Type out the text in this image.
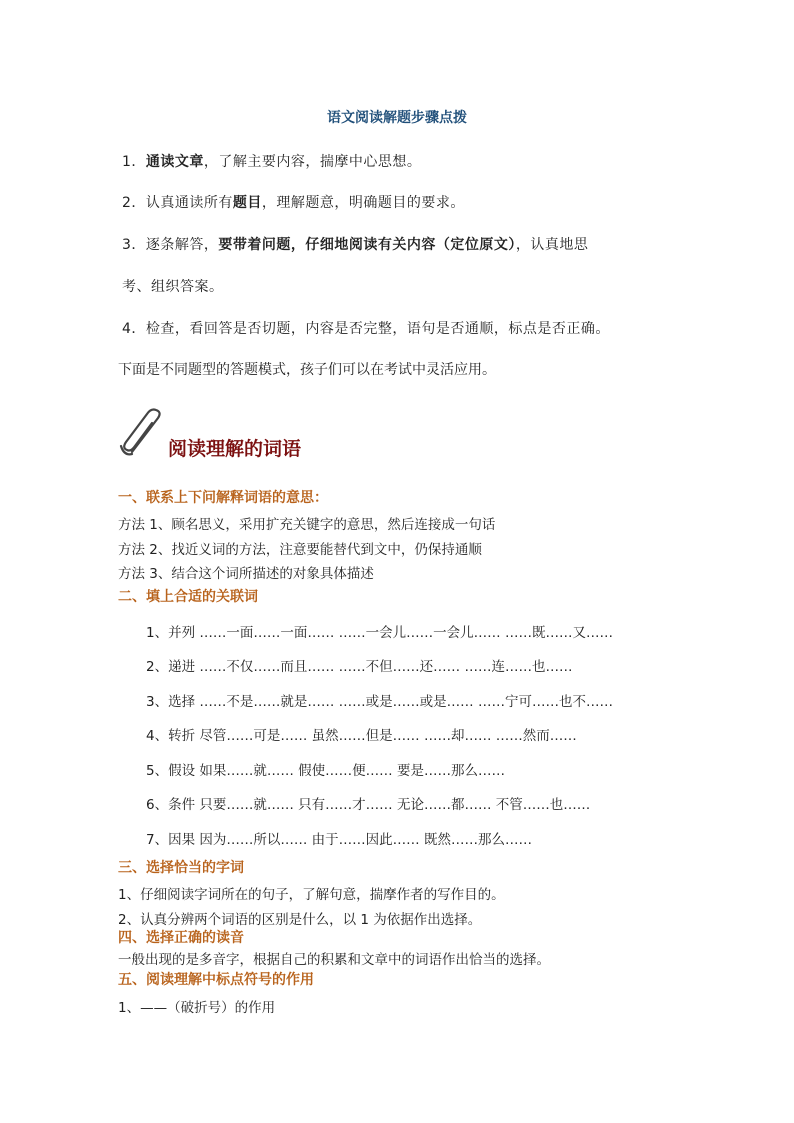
语文阅读解题步骤点拨
1．通读文章，了解主要内容，揣摩中心思想。
2．认真通读所有题目，理解题意，明确题目的要求。
3．逐条解答，要带着问题，仔细地阅读有关内容（定位原文），认真地思
考、组织答案。
4．检查，看回答是否切题，内容是否完整，语句是否通顺，标点是否正确。
下面是不同题型的答题模式，孩子们可以在考试中灵活应用。
阅读理解的词语
一、联系上下问解释词语的意思：
方法 1、顾名思义，采用扩充关键字的意思，然后连接成一句话
方法 2、找近义词的方法，注意要能替代到文中，仍保持通顺
方法 3、结合这个词所描述的对象具体描述
二、填上合适的关联词
1、并列 ……一面……一面…… ……一会儿……一会儿…… ……既……又……
2、递进 ……不仅……而且…… ……不但……还…… ……连……也……
3、选择 ……不是……就是…… ……或是……或是…… ……宁可……也不……
4、转折 尽管……可是…… 虽然……但是…… ……却…… ……然而……
5、假设 如果……就…… 假使……便…… 要是……那么……
6、条件 只要……就…… 只有……才…… 无论……都…… 不管……也……
7、因果 因为……所以…… 由于……因此…… 既然……那么……
三、选择恰当的字词
1、仔细阅读字词所在的句子，了解句意，揣摩作者的写作目的。
2、认真分辨两个词语的区别是什么，以 1 为依据作出选择。
四、选择正确的读音
一般出现的是多音字，根据自己的积累和文章中的词语作出恰当的选择。
五、阅读理解中标点符号的作用
1、——（破折号）的作用
